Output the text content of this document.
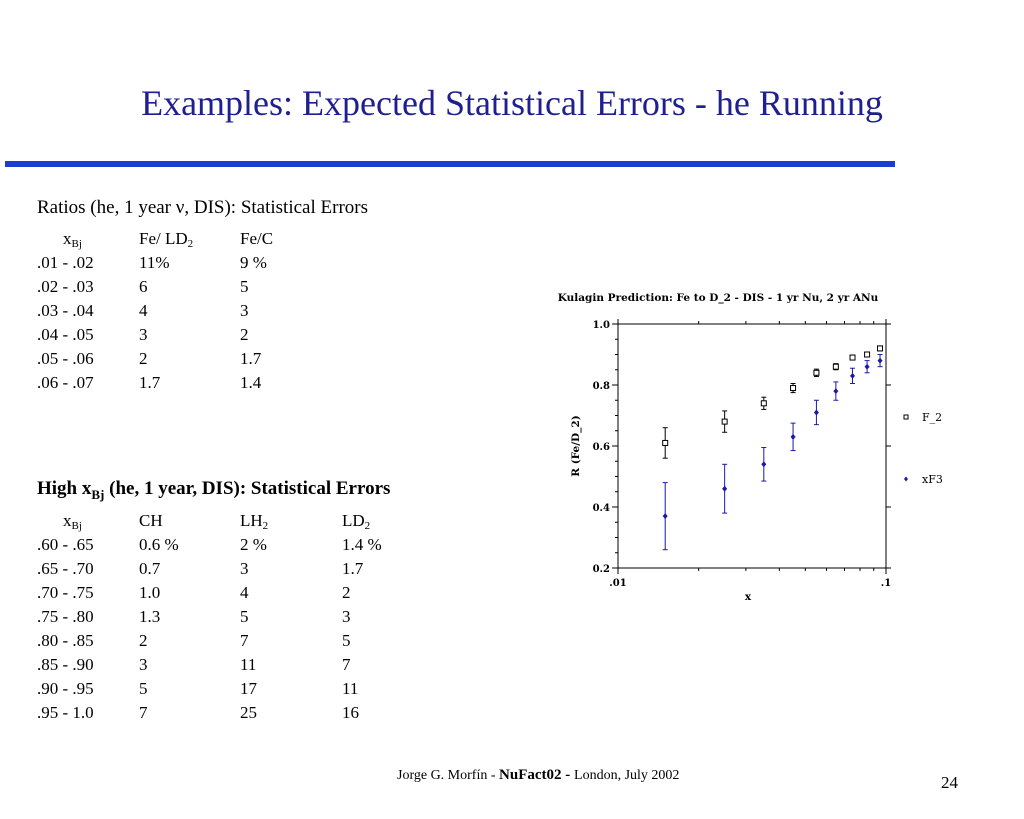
Examples: Expected Statistical Errors - he Running
Ratios (he, 1 year ν, DIS): Statistical Errors
$x_{Bj}$	Fe/ $LD_2$	Fe/C
.01 - .02	11%	9 %
.02 - .03	6	5
.03 - .04	4	3
.04 - .05	3	2
.05 - .06	2	1.7
.06 - .07	1.7	1.4
High $x_{Bj}$ (he, 1 year, DIS): Statistical Errors
$x_{Bj}$	CH	$LH_2$	$LD_2$
.60 - .65	0.6 %	2 %	1.4 %
.65 - .70	0.7	3	1.7
.70 - .75	1.0	4	2
.75 - .80	1.3	5	3
.80 - .85	2	7	5
.85 - .90	3	11	7
.90 - .95	5	17	11
.95 - 1.0	7	25	16
Kulagin Prediction: Fe to D_2 - DIS - 1 yr Nu, 2 yr ANu
0.2
0.4
0.6
0.8
1.0
.01	.1
x
R (Fe/D_2)	F_2
xF3
Jorge G. Morfín - NuFact02 - London, July 2002	24
